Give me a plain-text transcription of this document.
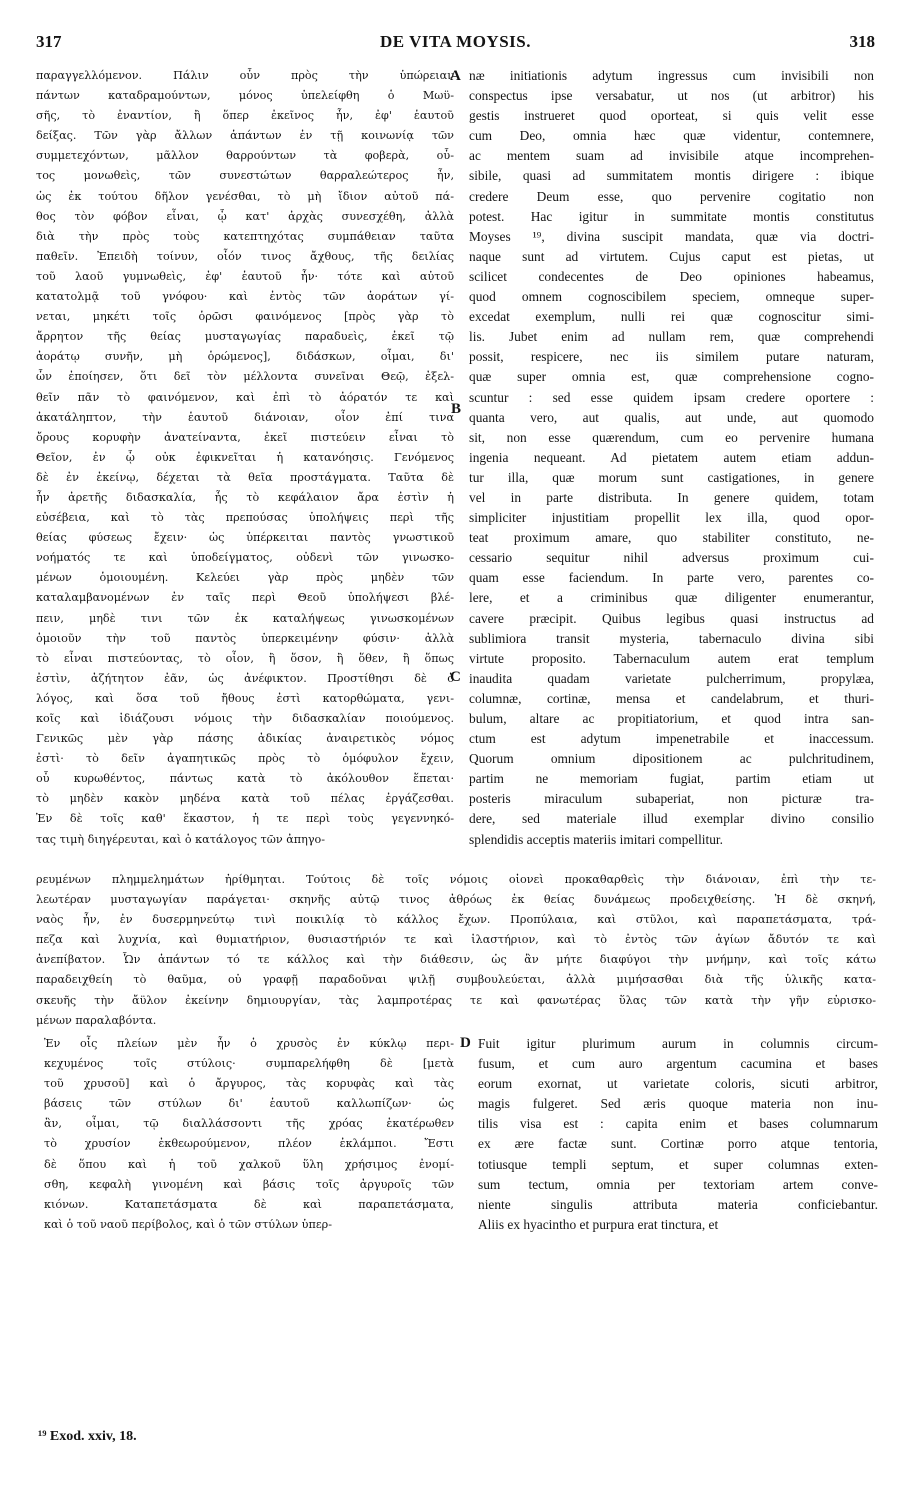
317	DE VITA MOYSIS.	318
παραγγελλόμενον. Πάλιν οὖν πρὸς τὴν ὑπώρειαν
πάντων καταδραμούντων, μόνος ὑπελείφθη ὁ Μωϋ-
σῆς, τὸ ἐναντίον, ἢ ὅπερ ἐκεῖνος ἦν, ἐφ' ἑαυτοῦ
δείξας. Τῶν γὰρ ἄλλων ἁπάντων ἐν τῇ κοινωνίᾳ τῶν
συμμετεχόντων, μᾶλλον θαρρούντων τὰ φοβερὰ, οὗ-
τος μονωθεὶς, τῶν συνεστώτων θαρραλεώτερος ἦν,
ὡς ἐκ τούτου δῆλον γενέσθαι, τὸ μὴ ἴδιον αὐτοῦ πά-
θος τὸν φόβον εἶναι, ᾧ κατ' ἀρχὰς συνεσχέθη, ἀλλὰ
διὰ τὴν πρὸς τοὺς κατεπτηχότας συμπάθειαν ταῦτα
παθεῖν. Ἐπειδὴ τοίνυν, οἷόν τινος ἄχθους, τῆς δειλίας
τοῦ λαοῦ γυμνωθεὶς, ἐφ' ἑαυτοῦ ἦν· τότε καὶ αὐτοῦ
κατατολμᾷ τοῦ γνόφου· καὶ ἐντὸς τῶν ἀοράτων γί-
νεται, μηκέτι τοῖς ὁρῶσι φαινόμενος [πρὸς γὰρ τὸ
ἄρρητον τῆς θείας μυσταγωγίας παραδυεὶς, ἐκεῖ τῷ
ἀοράτῳ συνῆν, μὴ ὁρώμενος], διδάσκων, οἶμαι, δι'
ὧν ἐποίησεν, ὅτι δεῖ τὸν μέλλοντα συνεῖναι Θεῷ, ἐξελ-
θεῖν πᾶν τὸ φαινόμενον, καὶ ἐπὶ τὸ ἀόρατόν τε καὶ
ἀκατάληπτον, τὴν ἑαυτοῦ διάνοιαν, οἷον ἐπί τινα
ὄρους κορυφὴν ἀνατείναντα, ἐκεῖ πιστεύειν εἶναι τὸ
Θεῖον, ἐν ᾧ οὐκ ἐφικνεῖται ἡ κατανόησις. Γενόμενος
δὲ ἐν ἐκείνῳ, δέχεται τὰ θεῖα προστάγματα. Ταῦτα δὲ
ἦν ἀρετῆς διδασκαλία, ἧς τὸ κεφάλαιον ἄρα ἐστὶν ἡ
εὐσέβεια, καὶ τὸ τὰς πρεπούσας ὑπολήψεις περὶ τῆς
θείας φύσεως ἔχειν· ὡς ὑπέρκειται παντὸς γνωστικοῦ
νοήματός τε καὶ ὑποδείγματος, οὐδενὶ τῶν γινωσκο-
μένων ὁμοιουμένη. Κελεύει γὰρ πρὸς μηδὲν τῶν
καταλαμβανομένων ἐν ταῖς περὶ Θεοῦ ὑπολήψεσι βλέ-
πειν, μηδὲ τινι τῶν ἐκ καταλήψεως γινωσκομένων
ὁμοιοῦν τὴν τοῦ παντὸς ὑπερκειμένην φύσιν· ἀλλὰ
τὸ εἶναι πιστεύοντας, τὸ οἷον, ἢ ὅσον, ἢ ὅθεν, ἢ ὅπως
ἐστὶν, ἀζήτητον ἐᾶν, ὡς ἀνέφικτον. Προστίθησι δὲ ὁ
λόγος, καὶ ὅσα τοῦ ἤθους ἐστὶ κατορθώματα, γενι-
κοῖς καὶ ἰδιάζουσι νόμοις τὴν διδασκαλίαν ποιούμενος.
Γενικῶς μὲν γὰρ πάσης ἀδικίας ἀναιρετικὸς νόμος
ἐστὶ· τὸ δεῖν ἀγαπητικῶς πρὸς τὸ ὁμόφυλον ἔχειν,
οὗ κυρωθέντος, πάντως κατὰ τὸ ἀκόλουθον ἕπεται·
τὸ μηδὲν κακὸν μηδένα κατὰ τοῦ πέλας ἐργάζεσθαι.
Ἐν δὲ τοῖς καθ' ἕκαστον, ἡ τε περὶ τοὺς γεγεννηκό-
τας τιμὴ διηγέρευται, καὶ ὁ κατάλογος τῶν ἀπηγο-
næ initiationis adytum ingressus cum invisibili non
conspectus ipse versabatur, ut nos (ut arbitror) his
gestis instrueret quod oporteat, si quis velit esse
cum Deo, omnia hæc quæ videntur, contemnere,
ac mentem suam ad invisibile atque incomprehen-
sibile, quasi ad summitatem montis dirigere : ibique
credere Deum esse, quo pervenire cogitatio non
potest. Hac igitur in summitate montis constitutus
Moyses ¹⁹, divina suscipit mandata, quæ via doctri-
naque sunt ad virtutem. Cujus caput est pietas, ut
scilicet condecentes de Deo opiniones habeamus,
quod omnem cognoscibilem speciem, omneque super-
excedat exemplum, nulli rei quæ cognoscitur simi-
lis. Jubet enim ad nullam rem, quæ comprehendi
possit, respicere, nec iis similem putare naturam,
quæ super omnia est, quæ comprehensione cogno-
scuntur : sed esse quidem ipsam credere oportere :
quanta vero, aut qualis, aut unde, aut quomodo
sit, non esse quærendum, cum eo pervenire humana
ingenia nequeant. Ad pietatem autem etiam addun-
tur illa, quæ morum sunt castigationes, in genere
vel in parte distributa. In genere quidem, totam
simpliciter injustitiam propellit lex illa, quod opor-
teat proximum amare, quo stabiliter constituto, ne-
cessario sequitur nihil adversus proximum cui-
quam esse faciendum. In parte vero, parentes co-
lere, et a criminibus quæ diligenter enumerantur,
cavere præcipit. Quibus legibus quasi instructus ad
sublimiora transit mysteria, tabernaculo divina sibi
virtute proposito. Tabernaculum autem erat templum
inaudita quadam varietate pulcherrimum, propylæa,
columnæ, cortinæ, mensa et candelabrum, et thuri-
bulum, altare ac propitiatorium, et quod intra san-
ctum est adytum impenetrabile et inaccessum.
Quorum omnium dipositionem ac pulchritudinem,
partim ne memoriam fugiat, partim etiam ut
posteris miraculum subaperiat, non picturæ tra-
dere, sed materiale illud exemplar divino consilio
splendidis acceptis materiis imitari compellitur.
ρευμένων πλημμελημάτων ἠρίθμηται. Τούτοις δὲ τοῖς νόμοις οἱονεὶ προκαθαρθεὶς τὴν διάνοιαν, ἐπὶ τὴν τε-
λεωτέραν μυσταγωγίαν παράγεται· σκηνῆς αὐτῷ τινος ἀθρόως ἐκ θείας δυνάμεως προδειχθείσης. Ἡ δὲ σκηνή,
ναὸς ἦν, ἐν δυσερμηνεύτῳ τινὶ ποικιλίᾳ τὸ κάλλος ἔχων. Προπύλαια, καὶ στῦλοι, καὶ παραπετάσματα, τρά-
πεζα καὶ λυχνία, καὶ θυμιατήριον, θυσιαστήριόν τε καὶ ἱλαστήριον, καὶ τὸ ἐντὸς τῶν ἁγίων ἄδυτόν τε καὶ
ἀνεπίβατον. Ὧν ἁπάντων τό τε κάλλος καὶ τὴν διάθεσιν, ὡς ἂν μήτε διαφύγοι τὴν μνήμην, καὶ τοῖς κάτω
παραδειχθείη τὸ θαῦμα, οὐ γραφῇ παραδοῦναι ψιλῇ συμβουλεύεται, ἀλλὰ μιμήσασθαι διὰ τῆς ὑλικῆς κατα-
σκευῆς τὴν ἄϋλον ἐκείνην δημιουργίαν, τὰς λαμπροτέρας τε καὶ φανωτέρας ὕλας τῶν κατὰ τὴν γῆν εὑρισκο-
μένων παραλαβόντα.
Ἐν οἷς πλείων μὲν ἦν ὁ χρυσὸς ἐν κύκλῳ περι-
κεχυμένος τοῖς στύλοις· συμπαρελήφθη δὲ [μετὰ
τοῦ χρυσοῦ] καὶ ὁ ἄργυρος, τὰς κορυφὰς καὶ τὰς
βάσεις τῶν στύλων δι' ἑαυτοῦ καλλωπίζων· ὡς
ἂν, οἶμαι, τῷ διαλλάσσοντι τῆς χρόας ἑκατέρωθεν
τὸ χρυσίον ἐκθεωρούμενον, πλέον ἐκλάμποι. Ἔστι
δὲ ὅπου καὶ ἡ τοῦ χαλκοῦ ὕλη χρήσιμος ἐνομί-
σθη, κεφαλὴ γινομένη καὶ βάσις τοῖς ἀργυροῖς τῶν
κιόνων. Καταπετάσματα δὲ καὶ παραπετάσματα,
καὶ ὁ τοῦ ναοῦ περίβολος, καὶ ὁ τῶν στύλων ὑπερ-
Fuit igitur plurimum aurum in columnis circum-
fusum, et cum auro argentum cacumina et bases
eorum exornat, ut varietate coloris, sicuti arbitror,
magis fulgeret. Sed æris quoque materia non inu-
tilis visa est : capita enim et bases columnarum
ex ære factæ sunt. Cortinæ porro atque tentoria,
totiusque templi septum, et super columnas exten-
sum tectum, omnia per textoriam artem conve-
niente singulis attributa materia conficiebantur.
Aliis ex hyacintho et purpura erat tinctura, et
A
B
C
D
¹⁹ Exod. xxiv, 18.
